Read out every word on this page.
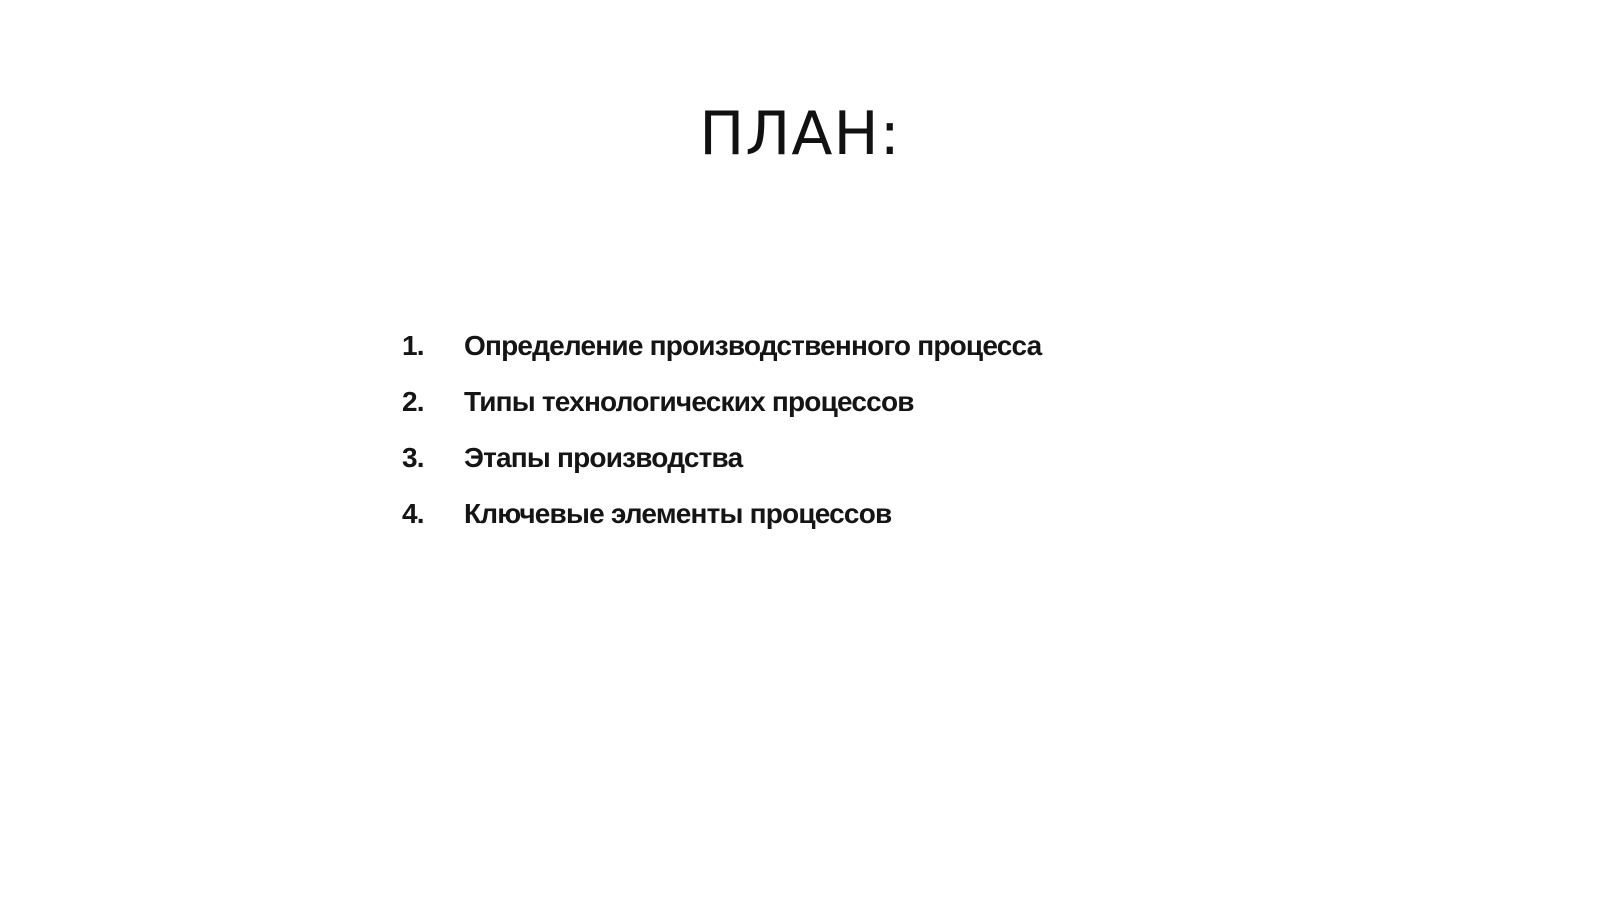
ПЛАН:
1.	Определение производственного процесса
2.	Типы технологических процессов
3.	Этапы производства
4.	Ключевые элементы процессов
